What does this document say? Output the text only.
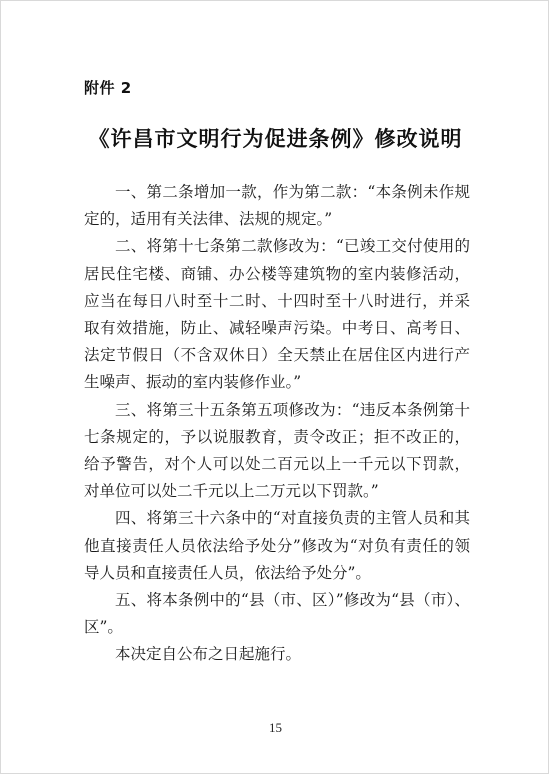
附件 2
《许昌市文明行为促进条例》修改说明

一、第二条增加一款，作为第二款：“本条例未作规定的，适用有关法律、法规的规定。”

二、将第十七条第二款修改为：“已竣工交付使用的居民住宅楼、商铺、办公楼等建筑物的室内装修活动，应当在每日八时至十二时、十四时至十八时进行，并采取有效措施，防止、减轻噪声污染。中考日、高考日、法定节假日（不含双休日）全天禁止在居住区内进行产生噪声、振动的室内装修作业。”

三、将第三十五条第五项修改为：“违反本条例第十七条规定的，予以说服教育，责令改正；拒不改正的，给予警告，对个人可以处二百元以上一千元以下罚款，对单位可以处二千元以上二万元以下罚款。”

四、将第三十六条中的“对直接负责的主管人员和其他直接责任人员依法给予处分”修改为“对负有责任的领导人员和直接责任人员，依法给予处分”。

五、将本条例中的“县（市、区）”修改为“县（市）、区”。

本决定自公布之日起施行。

15
